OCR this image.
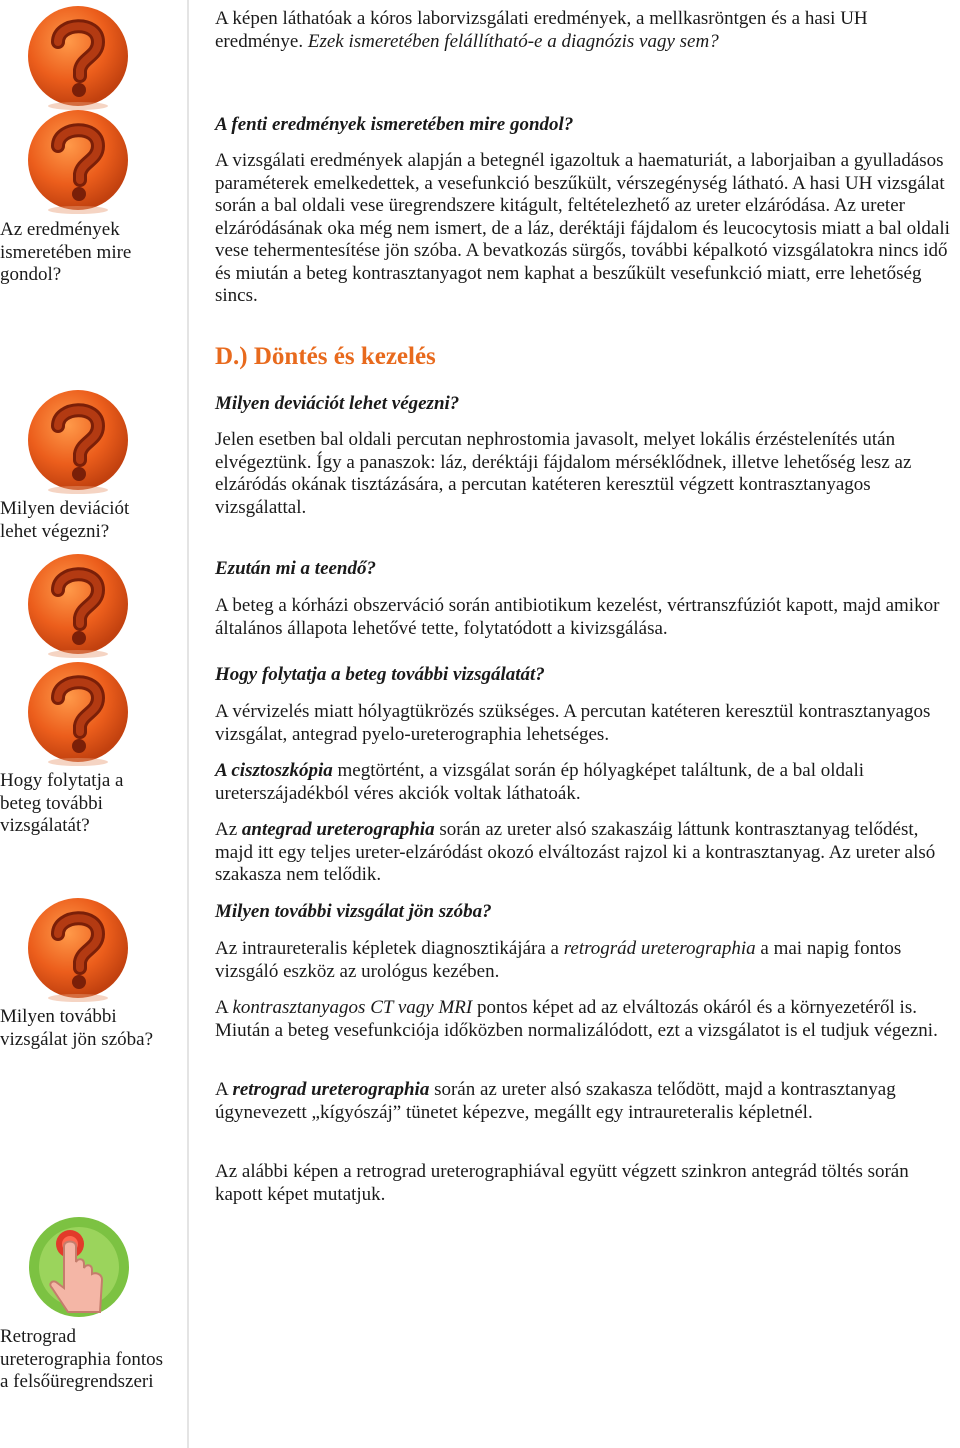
Az eredmények ismeretében mire gondol?
Milyen deviációt lehet végezni?
Hogy folytatja a beteg további vizsgálatát?
Milyen további vizsgálat jön szóba?
Retrograd ureterographia fontos a felsőüregrendszeri

A képen láthatóak a kóros laborvizsgálati eredmények, a mellkasröntgen és a hasi UH eredménye. Ezek ismeretében felállítható-e a diagnózis vagy sem?

A fenti eredmények ismeretében mire gondol?

A vizsgálati eredmények alapján a betegnél igazoltuk a haematuriát, a laborjaiban a gyulladásos paraméterek emelkedettek, a vesefunkció beszűkült, vérszegénység látható. A hasi UH vizsgálat során a bal oldali vese üregrendszere kitágult, feltételezhető az ureter elzáródása. Az ureter elzáródásának oka még nem ismert, de a láz, deréktáji fájdalom és leucocytosis miatt a bal oldali vese tehermentesítése jön szóba. A bevatkozás sürgős, további képalkotó vizsgálatokra nincs idő és miután a beteg kontrasztanyagot nem kaphat a beszűkült vesefunkció miatt, erre lehetőség sincs.

D.) Döntés és kezelés

Milyen deviációt lehet végezni?

Jelen esetben bal oldali percutan nephrostomia javasolt, melyet lokális érzéstelenítés után elvégeztünk. Így a panaszok: láz, deréktáji fájdalom mérséklődnek, illetve lehetőség lesz az elzáródás okának tisztázására, a percutan katéteren keresztül végzett kontrasztanyagos vizsgálattal.

Ezután mi a teendő?

A beteg a kórházi obszerváció során antibiotikum kezelést, vértranszfúziót kapott, majd amikor általános állapota lehetővé tette, folytatódott a kivizsgálása.

Hogy folytatja a beteg további vizsgálatát?

A vérvizelés miatt hólyagtükrözés szükséges. A percutan katéteren keresztül kontrasztanyagos vizsgálat, antegrad pyelo-ureterographia lehetséges.

A cisztoszkópia megtörtént, a vizsgálat során ép hólyagképet találtunk, de a bal oldali ureterszájadékból véres akciók voltak láthatoák.

Az antegrad ureterographia során az ureter alsó szakaszáig láttunk kontrasztanyag telődést, majd itt egy teljes ureter-elzáródást okozó elváltozást rajzol ki a kontrasztanyag. Az ureter alsó szakasza nem telődik.

Milyen további vizsgálat jön szóba?

Az intraureteralis képletek diagnosztikájára a retrográd ureterographia a mai napig fontos vizsgáló eszköz az urológus kezében.

A kontrasztanyagos CT vagy MRI pontos képet ad az elváltozás okáról és a környezetéről is. Miután a beteg vesefunkciója időközben normalizálódott, ezt a vizsgálatot is el tudjuk végezni.

A retrograd ureterographia során az ureter alsó szakasza telődött, majd a kontrasztanyag úgynevezett „kígyószáj” tünetet képezve, megállt egy intraureteralis képletnél.

Az alábbi képen a retrograd ureterographiával együtt végzett szinkron antegrád töltés során kapott képet mutatjuk.
